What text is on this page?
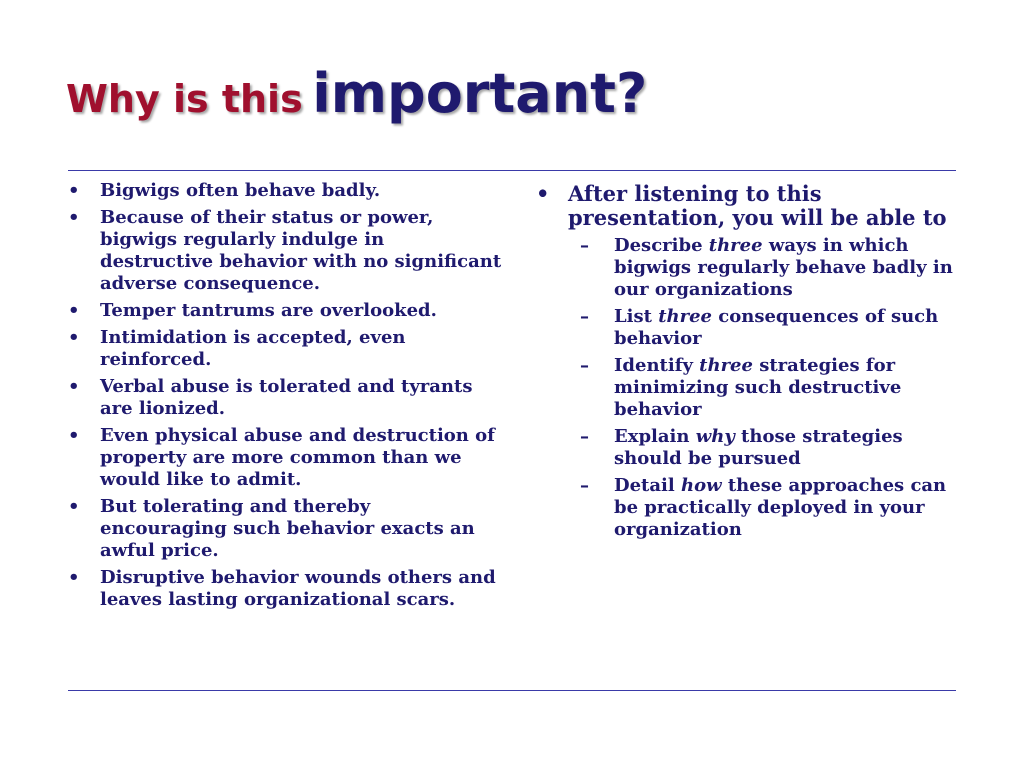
Why is this important?
• Bigwigs often behave badly.
• Because of their status or power, bigwigs regularly indulge in destructive behavior with no significant adverse consequence.
• Temper tantrums are overlooked.
• Intimidation is accepted, even reinforced.
• Verbal abuse is tolerated and tyrants are lionized.
• Even physical abuse and destruction of property are more common than we would like to admit.
• But tolerating and thereby encouraging such behavior exacts an awful price.
• Disruptive behavior wounds others and leaves lasting organizational scars.
• After listening to this presentation, you will be able to
– Describe three ways in which bigwigs regularly behave badly in our organizations
– List three consequences of such behavior
– Identify three strategies for minimizing such destructive behavior
– Explain why those strategies should be pursued
– Detail how these approaches can be practically deployed in your organization
